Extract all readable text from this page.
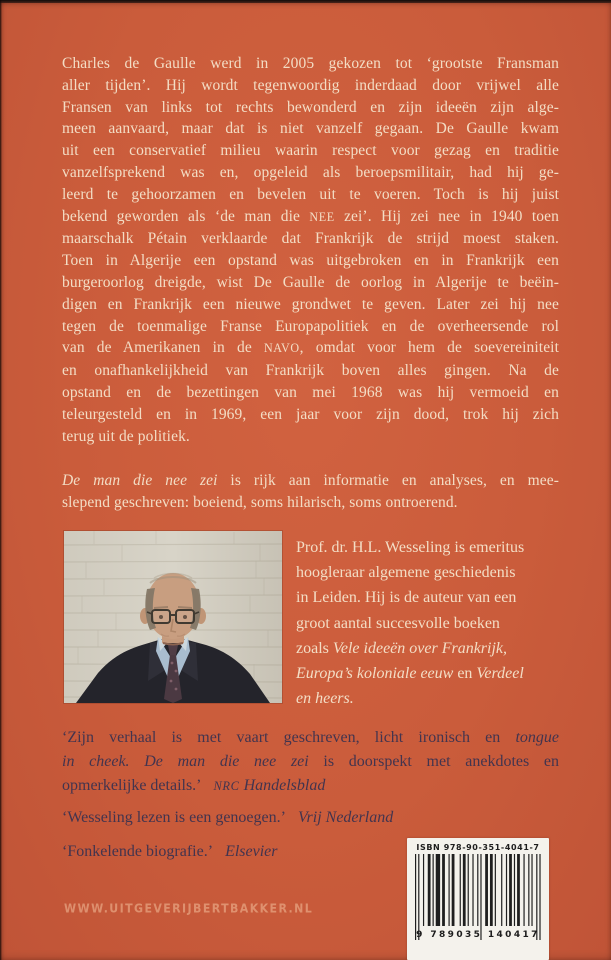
Charles de Gaulle werd in 2005 gekozen tot ‘grootste Fransman
aller tijden’. Hij wordt tegenwoordig inderdaad door vrijwel alle
Fransen van links tot rechts bewonderd en zijn ideeën zijn alge-
meen aanvaard, maar dat is niet vanzelf gegaan. De Gaulle kwam
uit een conservatief milieu waarin respect voor gezag en traditie
vanzelfsprekend was en, opgeleid als beroepsmilitair, had hij ge-
leerd te gehoorzamen en bevelen uit te voeren. Toch is hij juist
bekend geworden als ‘de man die NEE zei’. Hij zei nee in 1940 toen
maarschalk Pétain verklaarde dat Frankrijk de strijd moest staken.
Toen in Algerije een opstand was uitgebroken en in Frankrijk een
burgeroorlog dreigde, wist De Gaulle de oorlog in Algerije te beëin-
digen en Frankrijk een nieuwe grondwet te geven. Later zei hij nee
tegen de toenmalige Franse Europapolitiek en de overheersende rol
van de Amerikanen in de NAVO, omdat voor hem de soevereiniteit
en onafhankelijkheid van Frankrijk boven alles gingen. Na de
opstand en de bezettingen van mei 1968 was hij vermoeid en
teleurgesteld en in 1969, een jaar voor zijn dood, trok hij zich
terug uit de politiek.
De man die nee zei is rijk aan informatie en analyses, en mee-
slepend geschreven: boeiend, soms hilarisch, soms ontroerend.
Prof. dr. H.L. Wesseling is emeritus
hoogleraar algemene geschiedenis
in Leiden. Hij is de auteur van een
groot aantal succesvolle boeken
zoals Vele ideeën over Frankrijk,
Europa’s koloniale eeuw en Verdeel
en heers.
‘Zijn verhaal is met vaart geschreven, licht ironisch en tongue
in cheek. De man die nee zei is doorspekt met anekdotes en
opmerkelijke details.’   NRC Handelsblad
‘Wesseling lezen is een genoegen.’   Vrij Nederland
‘Fonkelende biografie.’   Elsevier
WWW.UITGEVERIJBERTBAKKER.NL
ISBN 978-90-351-4041-7
9 789035 140417
